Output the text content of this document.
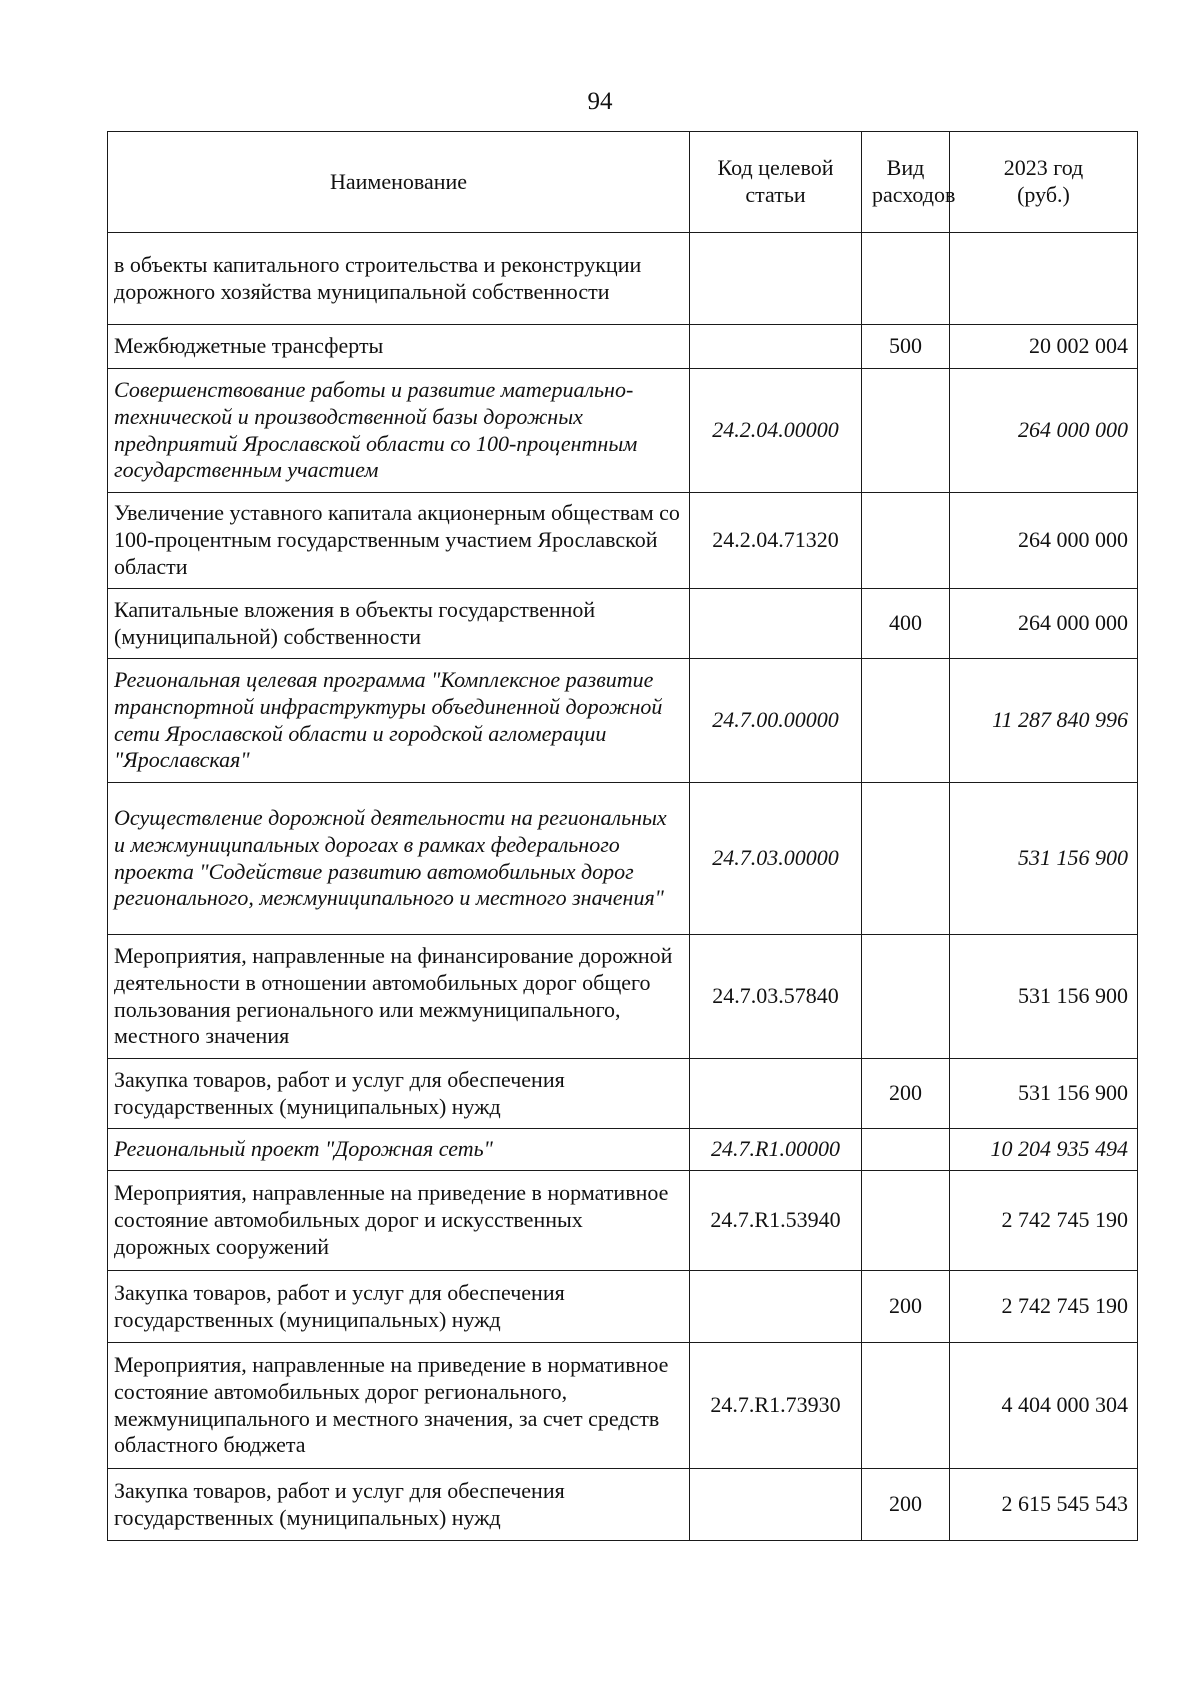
94
Наименование	Код целевой статьи	Вид расходов	2023 год (руб.)
в объекты капитального строительства и реконструкции дорожного хозяйства муниципальной собственности			
Межбюджетные трансферты		500	20 002 004
Совершенствование работы и развитие материально-технической и производственной базы дорожных предприятий Ярославской области со 100-процентным государственным участием	24.2.04.00000		264 000 000
Увеличение уставного капитала акционерным обществам со 100-процентным государственным участием Ярославской области	24.2.04.71320		264 000 000
Капитальные вложения в объекты государственной (муниципальной) собственности		400	264 000 000
Региональная целевая программа "Комплексное развитие транспортной инфраструктуры объединенной дорожной сети Ярославской области и городской агломерации "Ярославская"	24.7.00.00000		11 287 840 996
Осуществление дорожной деятельности на региональных и межмуниципальных дорогах в рамках федерального проекта "Содействие развитию автомобильных дорог регионального, межмуниципального и местного значения"	24.7.03.00000		531 156 900
Мероприятия, направленные на финансирование дорожной деятельности в отношении автомобильных дорог общего пользования регионального или межмуниципального, местного значения	24.7.03.57840		531 156 900
Закупка товаров, работ и услуг для обеспечения государственных (муниципальных) нужд		200	531 156 900
Региональный проект "Дорожная сеть"	24.7.R1.00000		10 204 935 494
Мероприятия, направленные на приведение в нормативное состояние автомобильных дорог и искусственных дорожных сооружений	24.7.R1.53940		2 742 745 190
Закупка товаров, работ и услуг для обеспечения государственных (муниципальных) нужд		200	2 742 745 190
Мероприятия, направленные на приведение в нормативное состояние автомобильных дорог регионального, межмуниципального и местного значения, за счет средств областного бюджета	24.7.R1.73930		4 404 000 304
Закупка товаров, работ и услуг для обеспечения государственных (муниципальных) нужд		200	2 615 545 543
